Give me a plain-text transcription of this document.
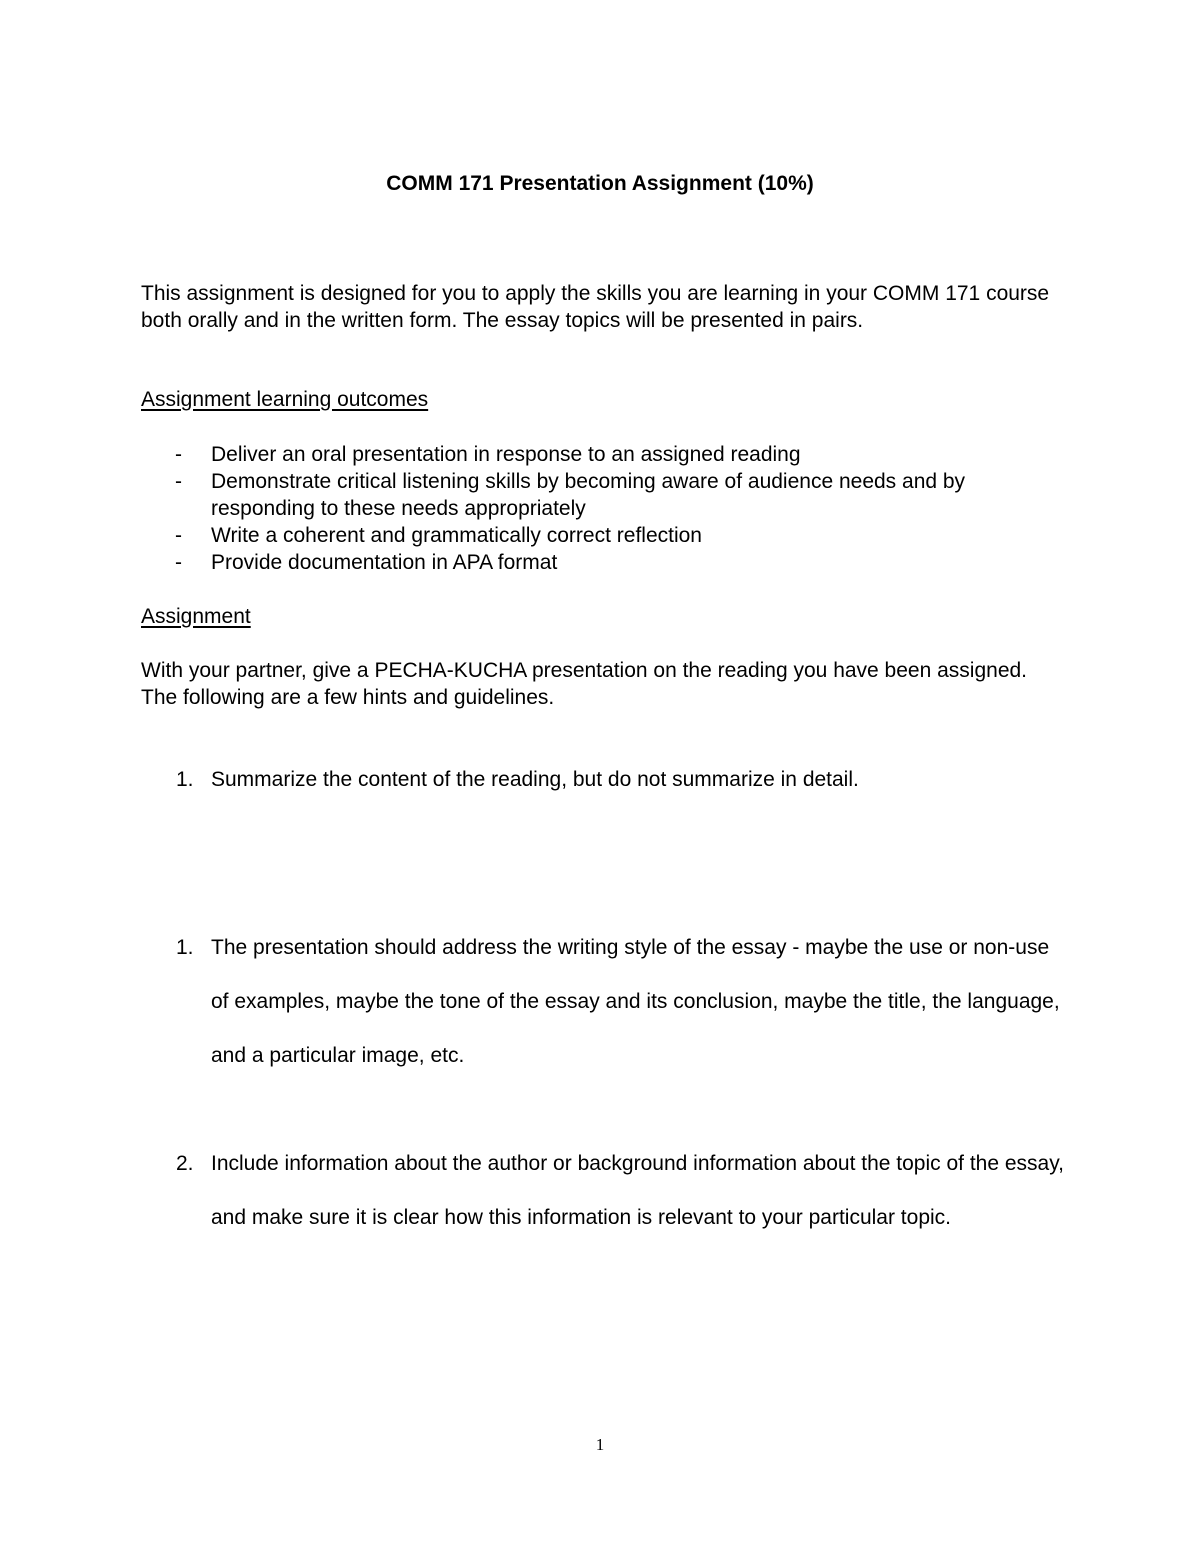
COMM 171 Presentation Assignment (10%)
This assignment is designed for you to apply the skills you are learning in your COMM 171 course both orally and in the written form. The essay topics will be presented in pairs.
Assignment learning outcomes
- Deliver an oral presentation in response to an assigned reading
- Demonstrate critical listening skills by becoming aware of audience needs and by responding to these needs appropriately
- Write a coherent and grammatically correct reflection
- Provide documentation in APA format
Assignment
With your partner, give a PECHA-KUCHA presentation on the reading you have been assigned. The following are a few hints and guidelines.
1. Summarize the content of the reading, but do not summarize in detail.
1. The presentation should address the writing style of the essay - maybe the use or non-use of examples, maybe the tone of the essay and its conclusion, maybe the title, the language, and a particular image, etc.
2. Include information about the author or background information about the topic of the essay, and make sure it is clear how this information is relevant to your particular topic.
1
